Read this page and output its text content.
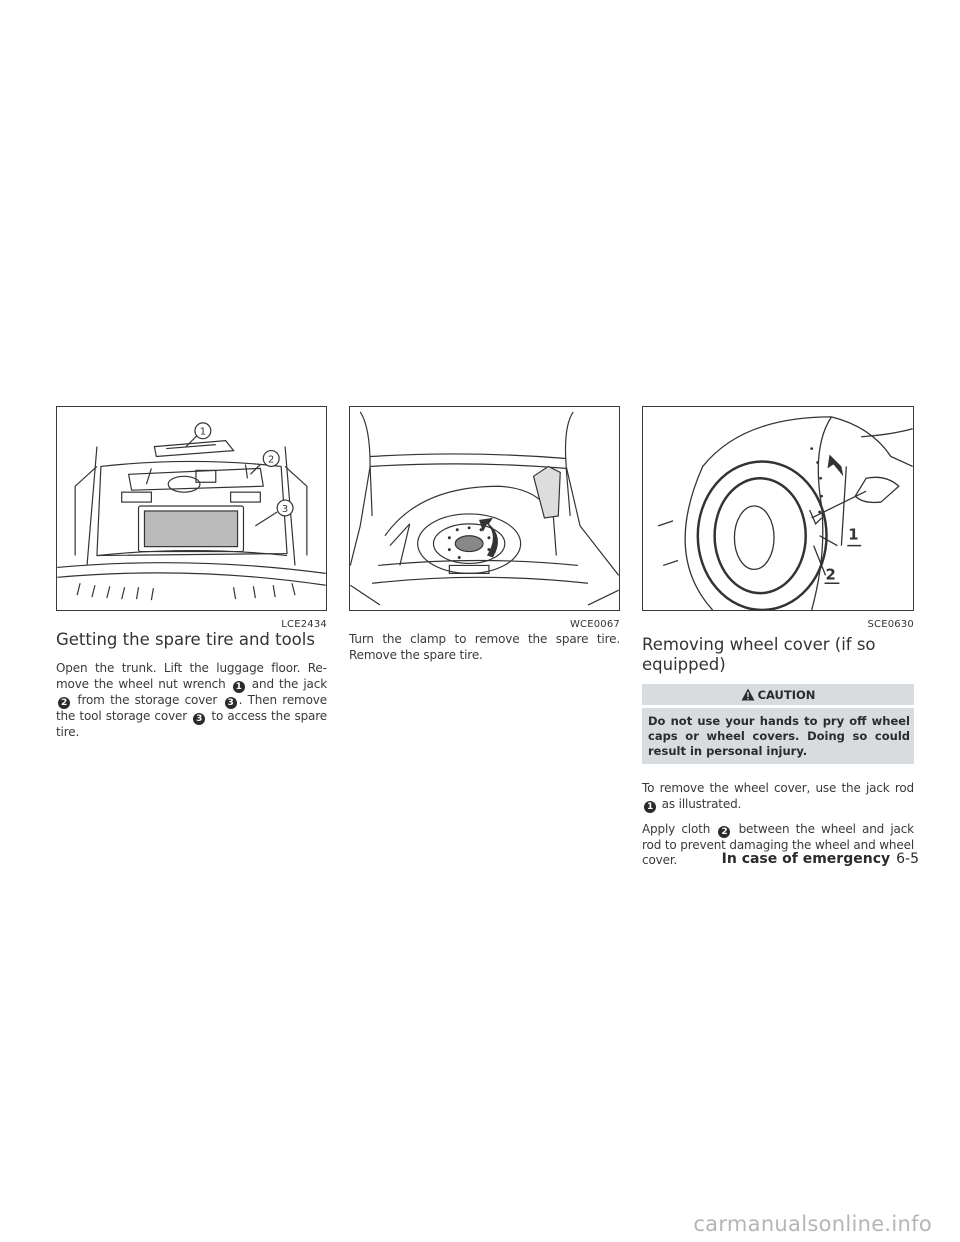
1
2
3
LCE2434	WCE0067
1
2
SCE0630
Getting the spare tire and tools

Open the trunk. Lift the luggage floor. Remove the wheel nut wrench 1 and the jack 2 from the storage cover 3 . Then remove the tool storage cover 3 to access the spare tire.

Turn the clamp to remove the spare tire. Remove the spare tire.

Removing wheel cover (if so equipped)
CAUTION
Do not use your hands to pry off wheel caps or wheel covers. Doing so could result in personal injury.

To remove the wheel cover, use the jack rod 1 as illustrated.

Apply cloth 2 between the wheel and jack rod to prevent damaging the wheel and wheel cover.	In case of emergency 6-5
carmanualsonline.info
